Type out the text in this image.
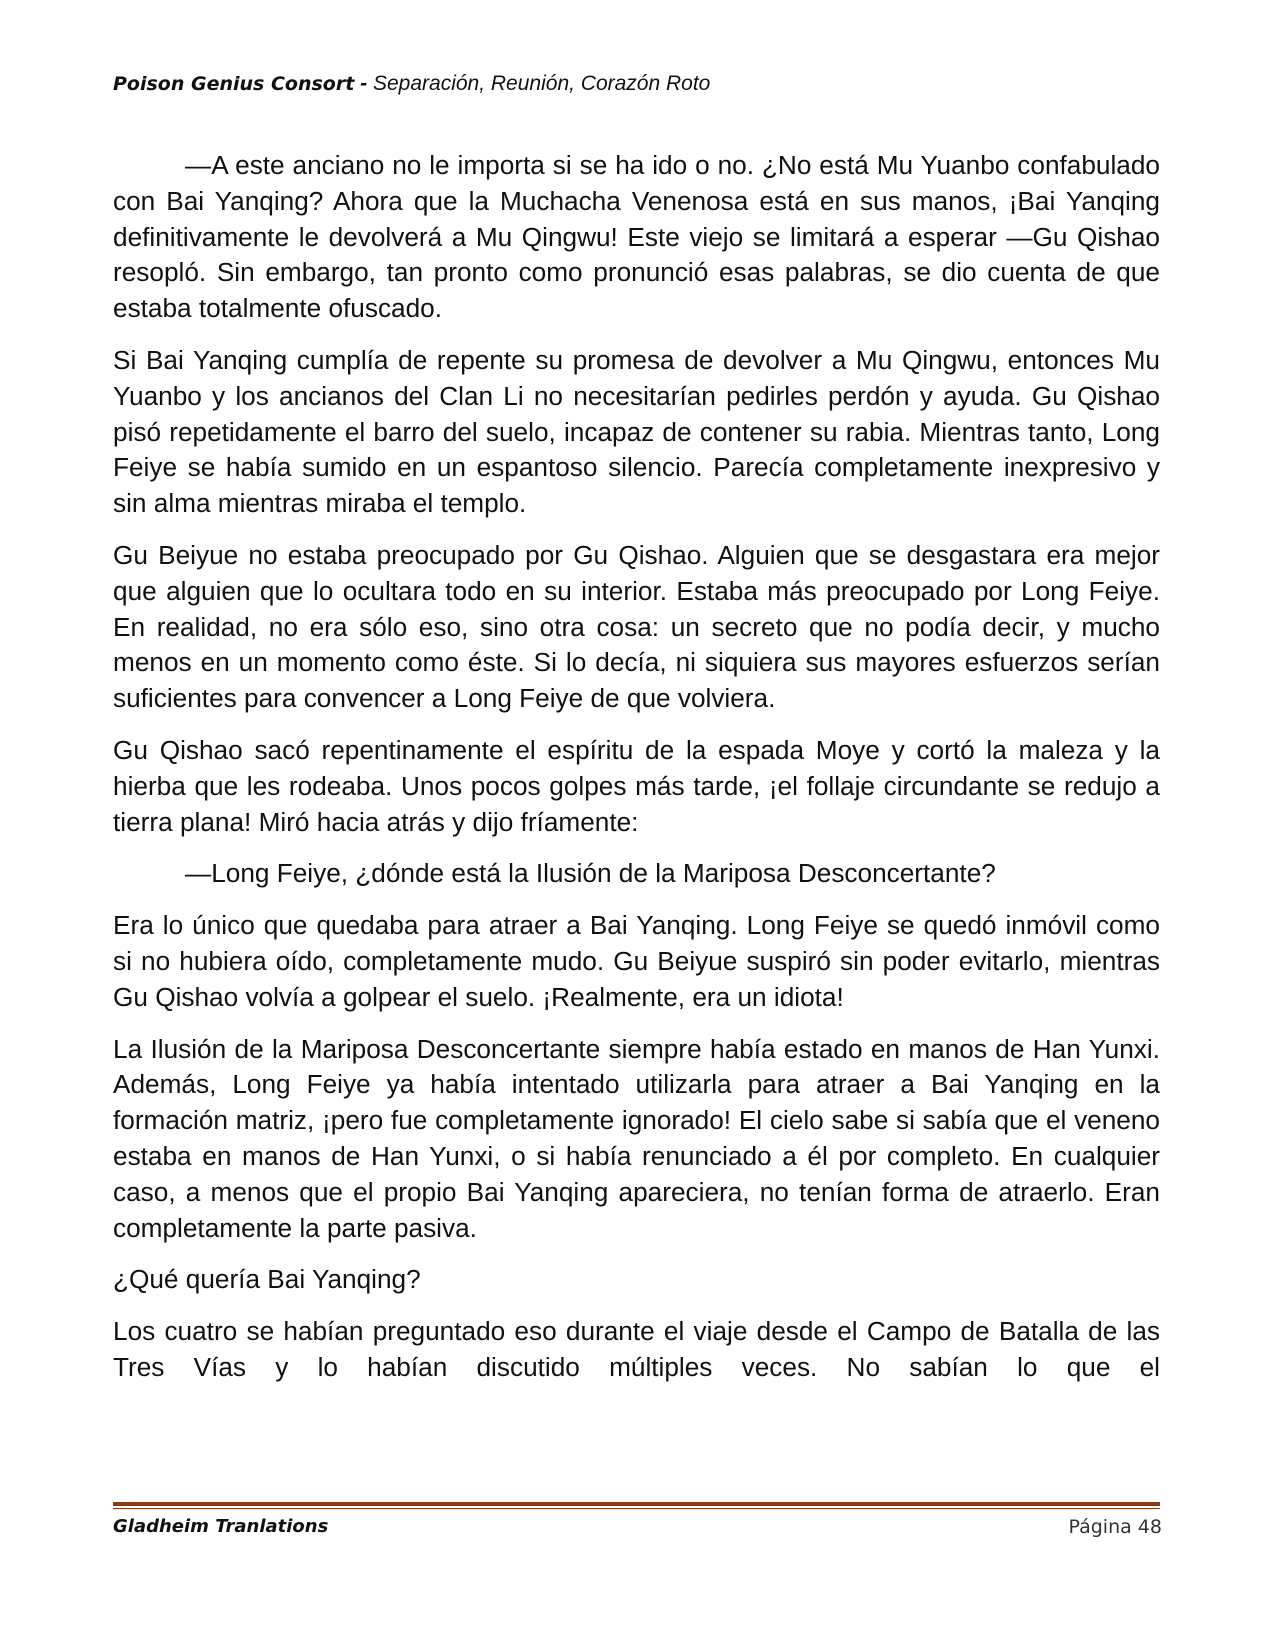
Poison Genius Consort - Separación, Reunión, Corazón Roto

—A este anciano no le importa si se ha ido o no. ¿No está Mu Yuanbo confabulado con Bai Yanqing? Ahora que la Muchacha Venenosa está en sus manos, ¡Bai Yanqing definitivamente le devolverá a Mu Qingwu! Este viejo se limitará a esperar —Gu Qishao resopló. Sin embargo, tan pronto como pronunció esas palabras, se dio cuenta de que estaba totalmente ofuscado.

Si Bai Yanqing cumplía de repente su promesa de devolver a Mu Qingwu, entonces Mu Yuanbo y los ancianos del Clan Li no necesitarían pedirles perdón y ayuda. Gu Qishao pisó repetidamente el barro del suelo, incapaz de contener su rabia. Mientras tanto, Long Feiye se había sumido en un espantoso silencio. Parecía completamente inexpresivo y sin alma mientras miraba el templo.

Gu Beiyue no estaba preocupado por Gu Qishao. Alguien que se desgastara era mejor que alguien que lo ocultara todo en su interior. Estaba más preocupado por Long Feiye. En realidad, no era sólo eso, sino otra cosa: un secreto que no podía decir, y mucho menos en un momento como éste. Si lo decía, ni siquiera sus mayores esfuerzos serían suficientes para convencer a Long Feiye de que volviera.

Gu Qishao sacó repentinamente el espíritu de la espada Moye y cortó la maleza y la hierba que les rodeaba. Unos pocos golpes más tarde, ¡el follaje circundante se redujo a tierra plana! Miró hacia atrás y dijo fríamente:

—Long Feiye, ¿dónde está la Ilusión de la Mariposa Desconcertante?

Era lo único que quedaba para atraer a Bai Yanqing. Long Feiye se quedó inmóvil como si no hubiera oído, completamente mudo. Gu Beiyue suspiró sin poder evitarlo, mientras Gu Qishao volvía a golpear el suelo. ¡Realmente, era un idiota!

La Ilusión de la Mariposa Desconcertante siempre había estado en manos de Han Yunxi. Además, Long Feiye ya había intentado utilizarla para atraer a Bai Yanqing en la formación matriz, ¡pero fue completamente ignorado! El cielo sabe si sabía que el veneno estaba en manos de Han Yunxi, o si había renunciado a él por completo. En cualquier caso, a menos que el propio Bai Yanqing apareciera, no tenían forma de atraerlo. Eran completamente la parte pasiva.

¿Qué quería Bai Yanqing?

Los cuatro se habían preguntado eso durante el viaje desde el Campo de Batalla de las Tres Vías y lo habían discutido múltiples veces. No sabían lo que el

Gladheim Tranlations	Página 48
